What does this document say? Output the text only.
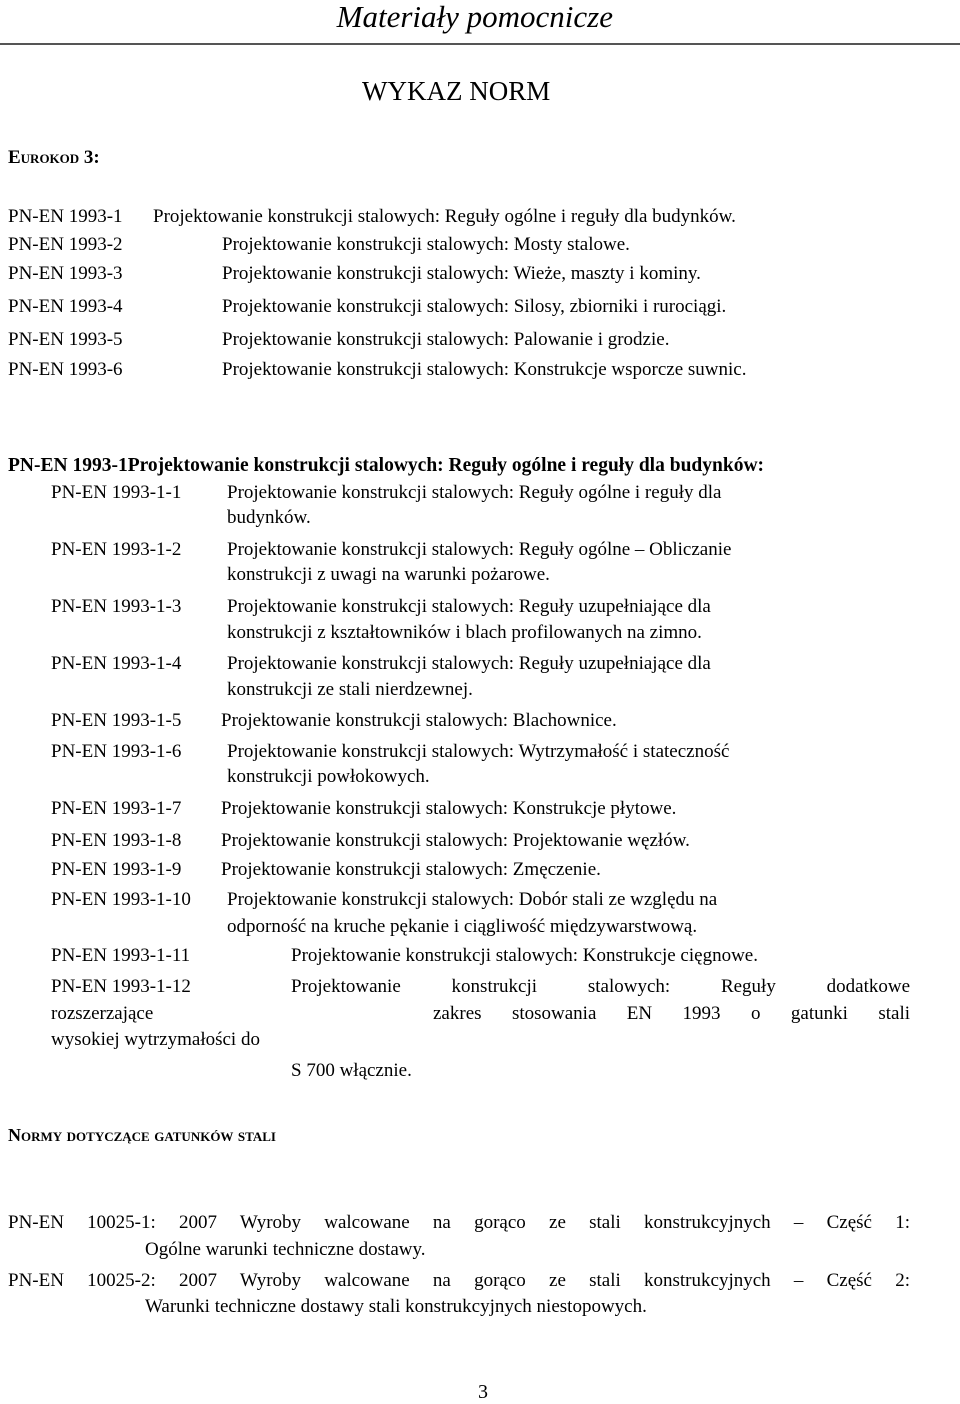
Materiały pomocnicze
WYKAZ NORM
Eurokod 3:
PN-EN 1993-1 Projektowanie konstrukcji stalowych: Reguły ogólne i reguły dla budynków.
PN-EN 1993-2	Projektowanie konstrukcji stalowych: Mosty stalowe.
PN-EN 1993-3	Projektowanie konstrukcji stalowych: Wieże, maszty i kominy.
PN-EN 1993-4	Projektowanie konstrukcji stalowych: Silosy, zbiorniki i rurociągi.
PN-EN 1993-5	Projektowanie konstrukcji stalowych: Palowanie i grodzie.
PN-EN 1993-6	Projektowanie konstrukcji stalowych: Konstrukcje wsporcze suwnic.
PN-EN 1993-1Projektowanie konstrukcji stalowych: Reguły ogólne i reguły dla budynków:
PN-EN 1993-1-1 Projektowanie konstrukcji stalowych: Reguły ogólne i reguły dla
budynków.
PN-EN 1993-1-2 Projektowanie konstrukcji stalowych: Reguły ogólne – Obliczanie
konstrukcji z uwagi na warunki pożarowe.
PN-EN 1993-1-3 Projektowanie konstrukcji stalowych: Reguły uzupełniające dla
konstrukcji z kształtowników i blach profilowanych na zimno.
PN-EN 1993-1-4 Projektowanie konstrukcji stalowych: Reguły uzupełniające dla
konstrukcji ze stali nierdzewnej.
PN-EN 1993-1-5 Projektowanie konstrukcji stalowych: Blachownice.
PN-EN 1993-1-6 Projektowanie konstrukcji stalowych: Wytrzymałość i stateczność
konstrukcji powłokowych.
PN-EN 1993-1-7 Projektowanie konstrukcji stalowych: Konstrukcje płytowe.
PN-EN 1993-1-8 Projektowanie konstrukcji stalowych: Projektowanie węzłów.
PN-EN 1993-1-9 Projektowanie konstrukcji stalowych: Zmęczenie.
PN-EN 1993-1-10 Projektowanie konstrukcji stalowych: Dobór stali ze względu na
odporność na kruche pękanie i ciągliwość międzywarstwową.
PN-EN 1993-1-11	Projektowanie konstrukcji stalowych: Konstrukcje cięgnowe.
PN-EN 1993-1-12	Projektowanie konstrukcji stalowych: Reguły dodatkowe
rozszerzające	zakres stosowania EN 1993 o gatunki stali
wysokiej wytrzymałości do
S 700 włącznie.
Normy dotyczące gatunków stali
PN-EN 10025-1: 2007 Wyroby walcowane na gorąco ze stali konstrukcyjnych – Część 1:
Ogólne warunki techniczne dostawy.
PN-EN 10025-2: 2007 Wyroby walcowane na gorąco ze stali konstrukcyjnych – Część 2:
Warunki techniczne dostawy stali konstrukcyjnych niestopowych.
3
